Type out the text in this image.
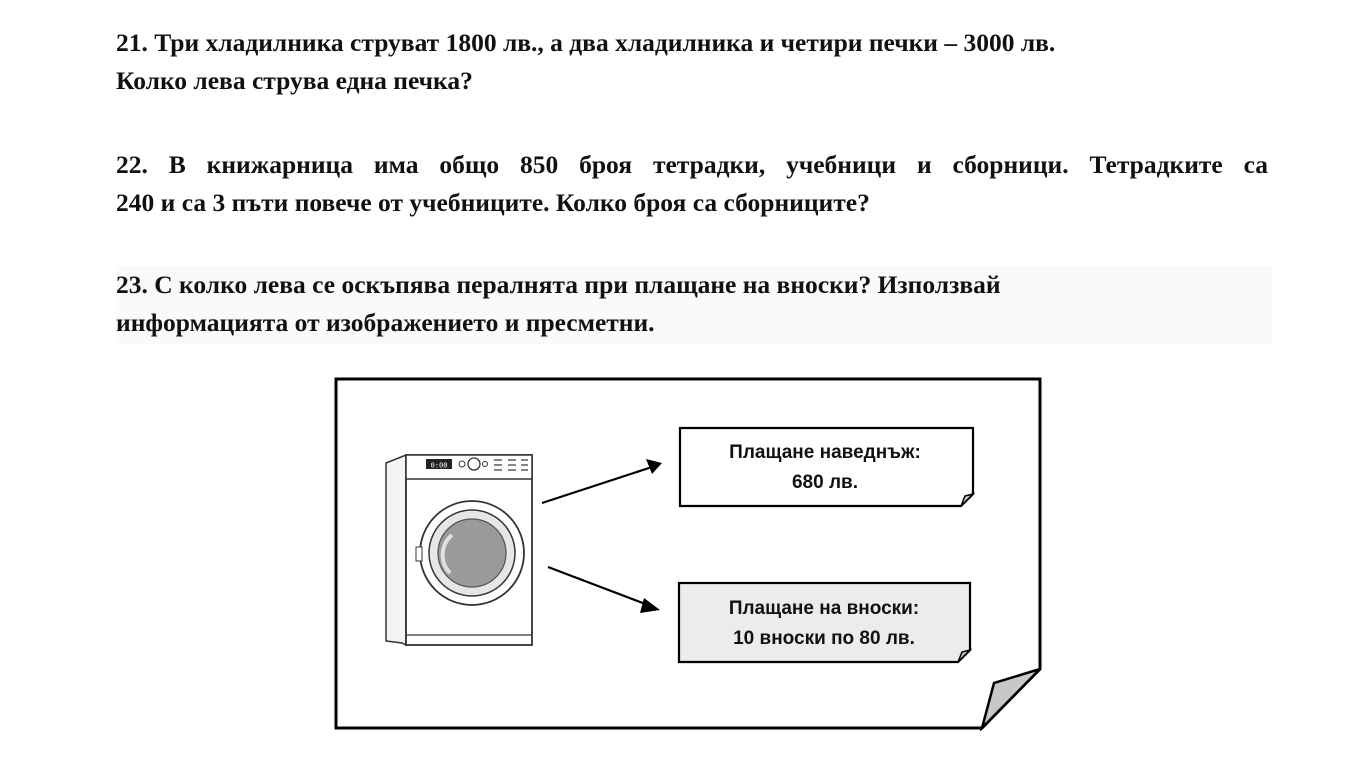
21. Три хладилника струват 1800 лв., а два хладилника и четири печки – 3000 лв.
Колко лева струва една печка?
22. В книжарница има общо 850 броя тетрадки, учебници и сборници. Тетрадките са
240 и са 3 пъти повече от учебниците. Колко броя са сборниците?
23. С колко лева се оскъпява пералнята при плащане на вноски? Използвай
информацията от изображението и пресметни.
0:00
Плащане наведнъж:
680 лв.
Плащане на вноски:
10 вноски по 80 лв.
